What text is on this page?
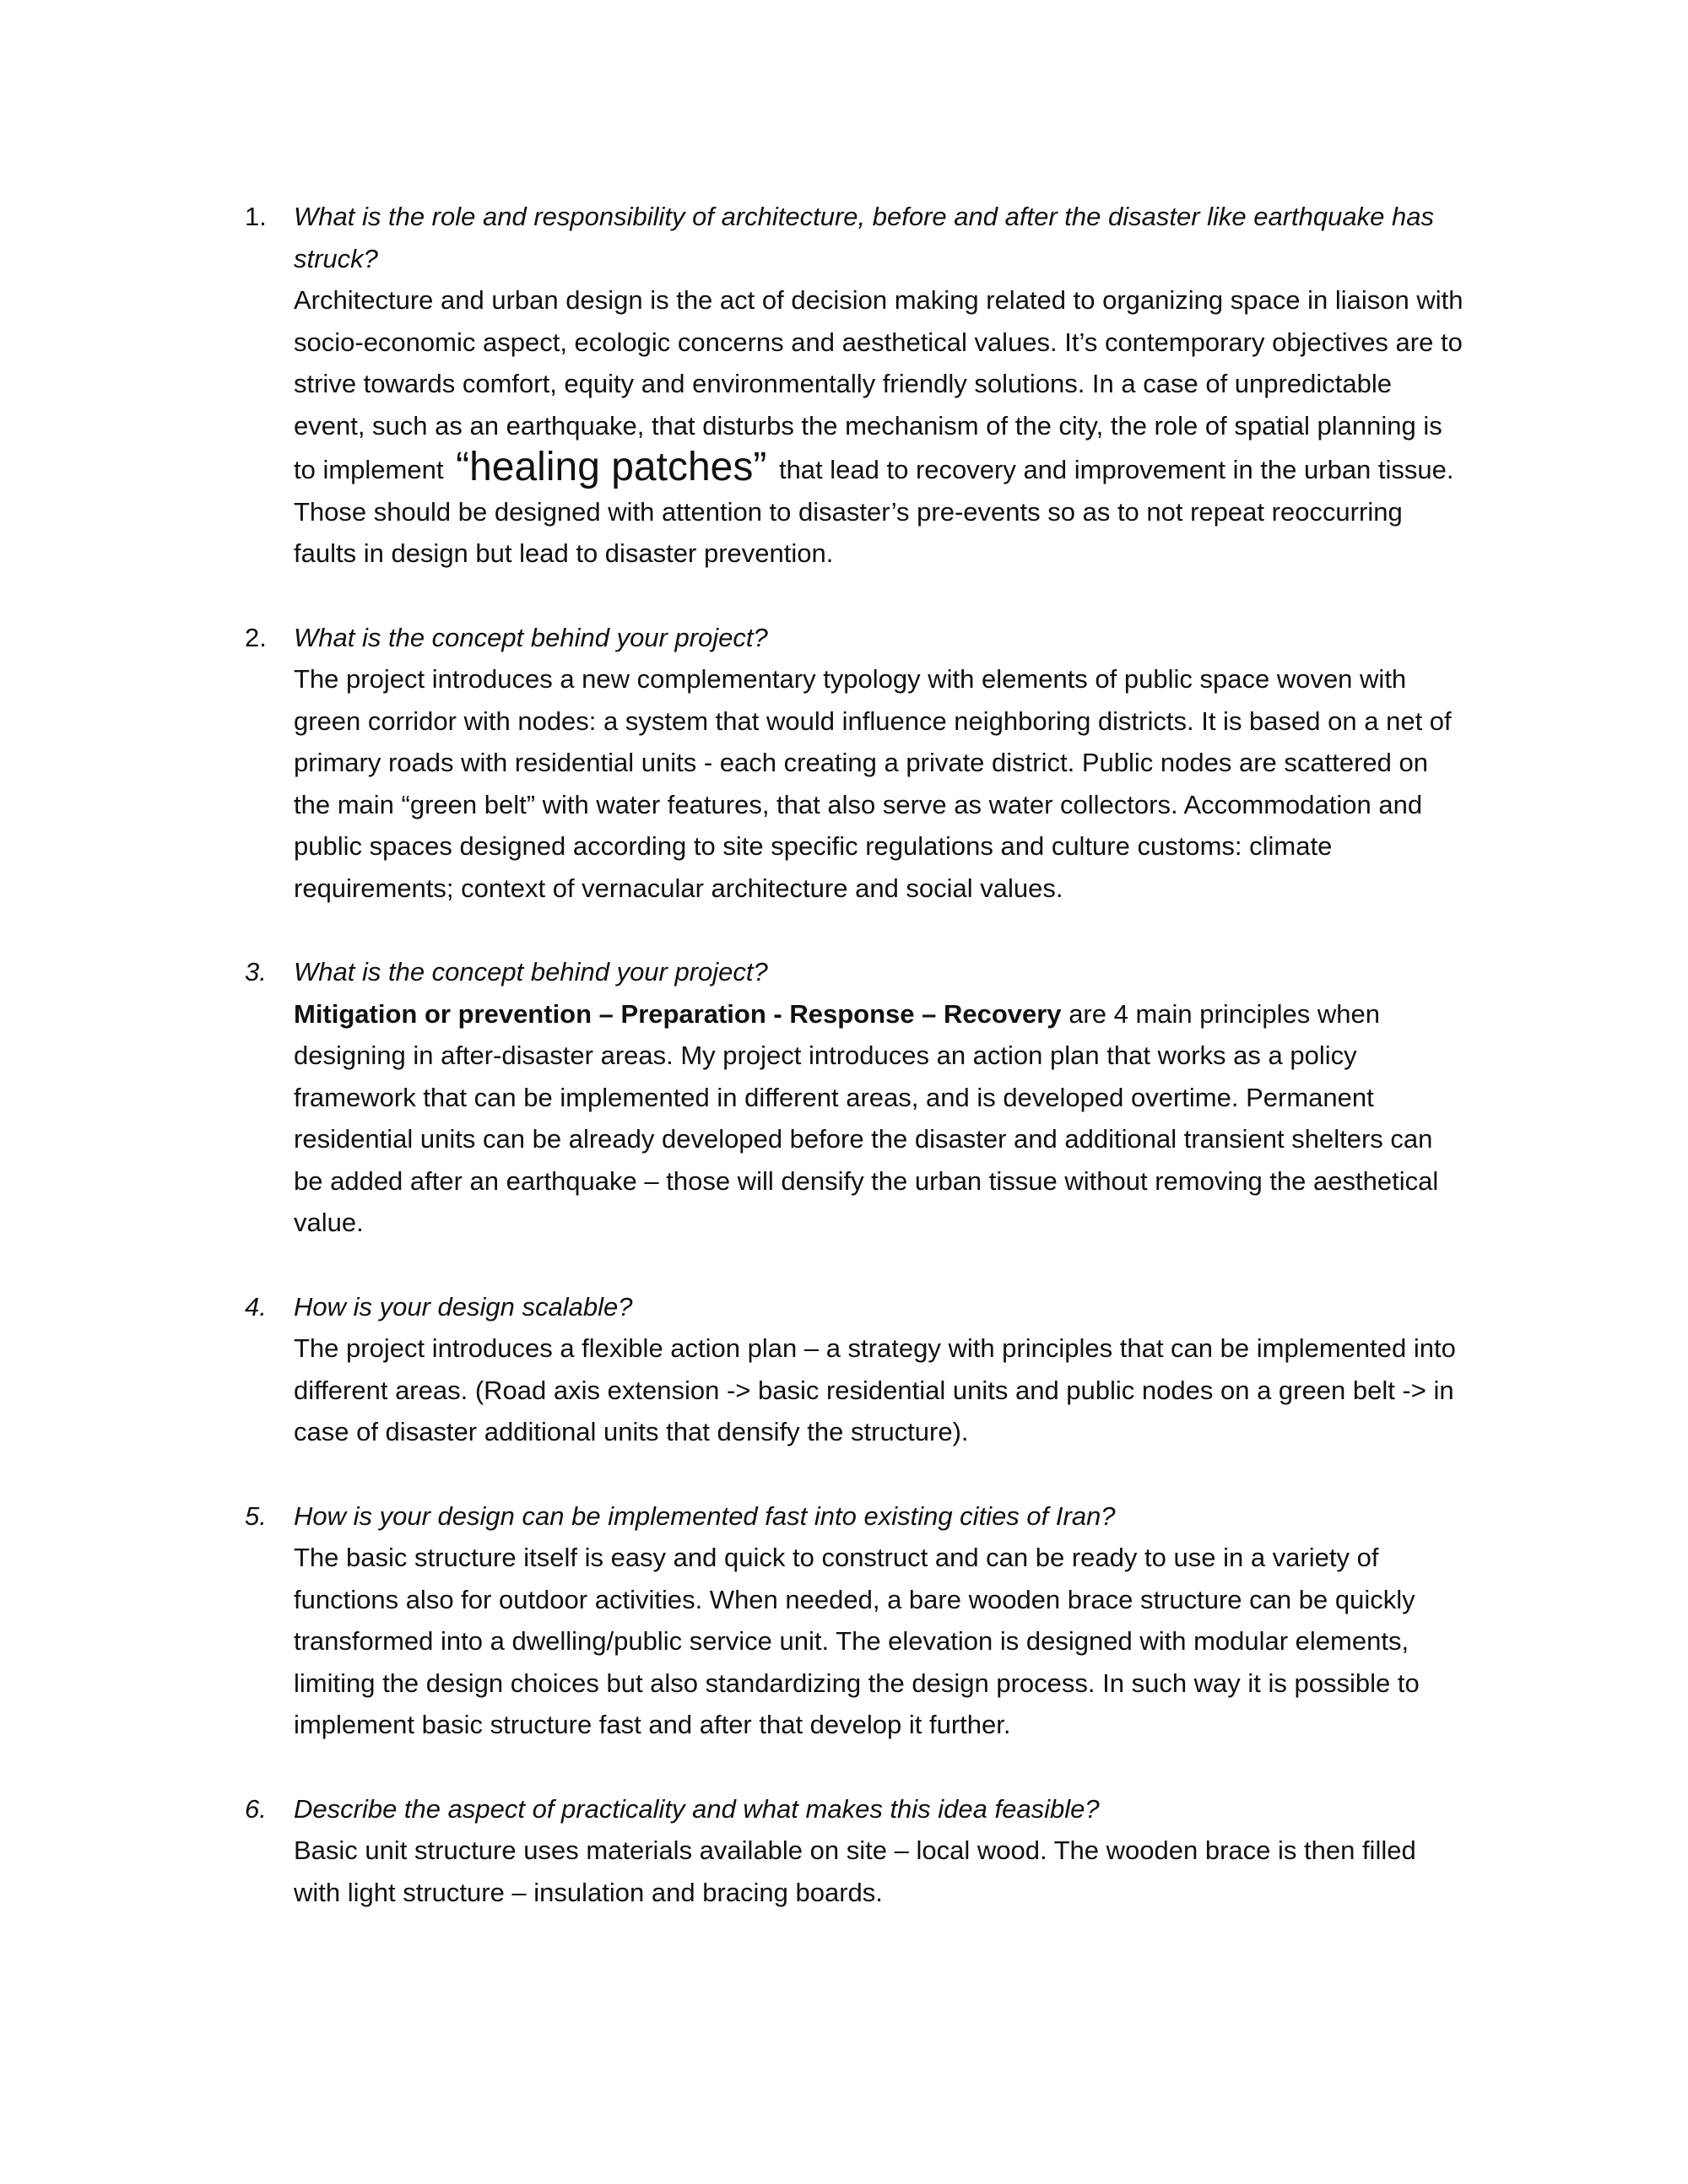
1.	What is the role and responsibility of architecture, before and after the disaster like earthquake has struck?
Architecture and urban design is the act of decision making related to organizing space in liaison with socio-economic aspect, ecologic concerns and aesthetical values. It’s contemporary objectives are to strive towards comfort, equity and environmentally friendly solutions. In a case of unpredictable event, such as an earthquake, that disturbs the mechanism of the city, the role of spatial planning is to implement “healing patches” that lead to recovery and improvement in the urban tissue. Those should be designed with attention to disaster’s pre-events so as to not repeat reoccurring faults in design but lead to disaster prevention.
2.	What is the concept behind your project?
The project introduces a new complementary typology with elements of public space woven with green corridor with nodes: a system that would influence neighboring districts. It is based on a net of primary roads with residential units - each creating a private district. Public nodes are scattered on the main “green belt” with water features, that also serve as water collectors. Accommodation and public spaces designed according to site specific regulations and culture customs: climate requirements; context of vernacular architecture and social values.
3.	What is the concept behind your project?
Mitigation or prevention – Preparation - Response – Recovery are 4 main principles when designing in after-disaster areas. My project introduces an action plan that works as a policy framework that can be implemented in different areas, and is developed overtime. Permanent residential units can be already developed before the disaster and additional transient shelters can be added after an earthquake – those will densify the urban tissue without removing the aesthetical value.
4.	How is your design scalable?
The project introduces a flexible action plan – a strategy with principles that can be implemented into different areas. (Road axis extension -> basic residential units and public nodes on a green belt -> in case of disaster additional units that densify the structure).
5.	How is your design can be implemented fast into existing cities of Iran?
The basic structure itself is easy and quick to construct and can be ready to use in a variety of functions also for outdoor activities. When needed, a bare wooden brace structure can be quickly transformed into a dwelling/public service unit. The elevation is designed with modular elements, limiting the design choices but also standardizing the design process. In such way it is possible to implement basic structure fast and after that develop it further.
6.	Describe the aspect of practicality and what makes this idea feasible?
Basic unit structure uses materials available on site – local wood. The wooden brace is then filled with light structure – insulation and bracing boards.
